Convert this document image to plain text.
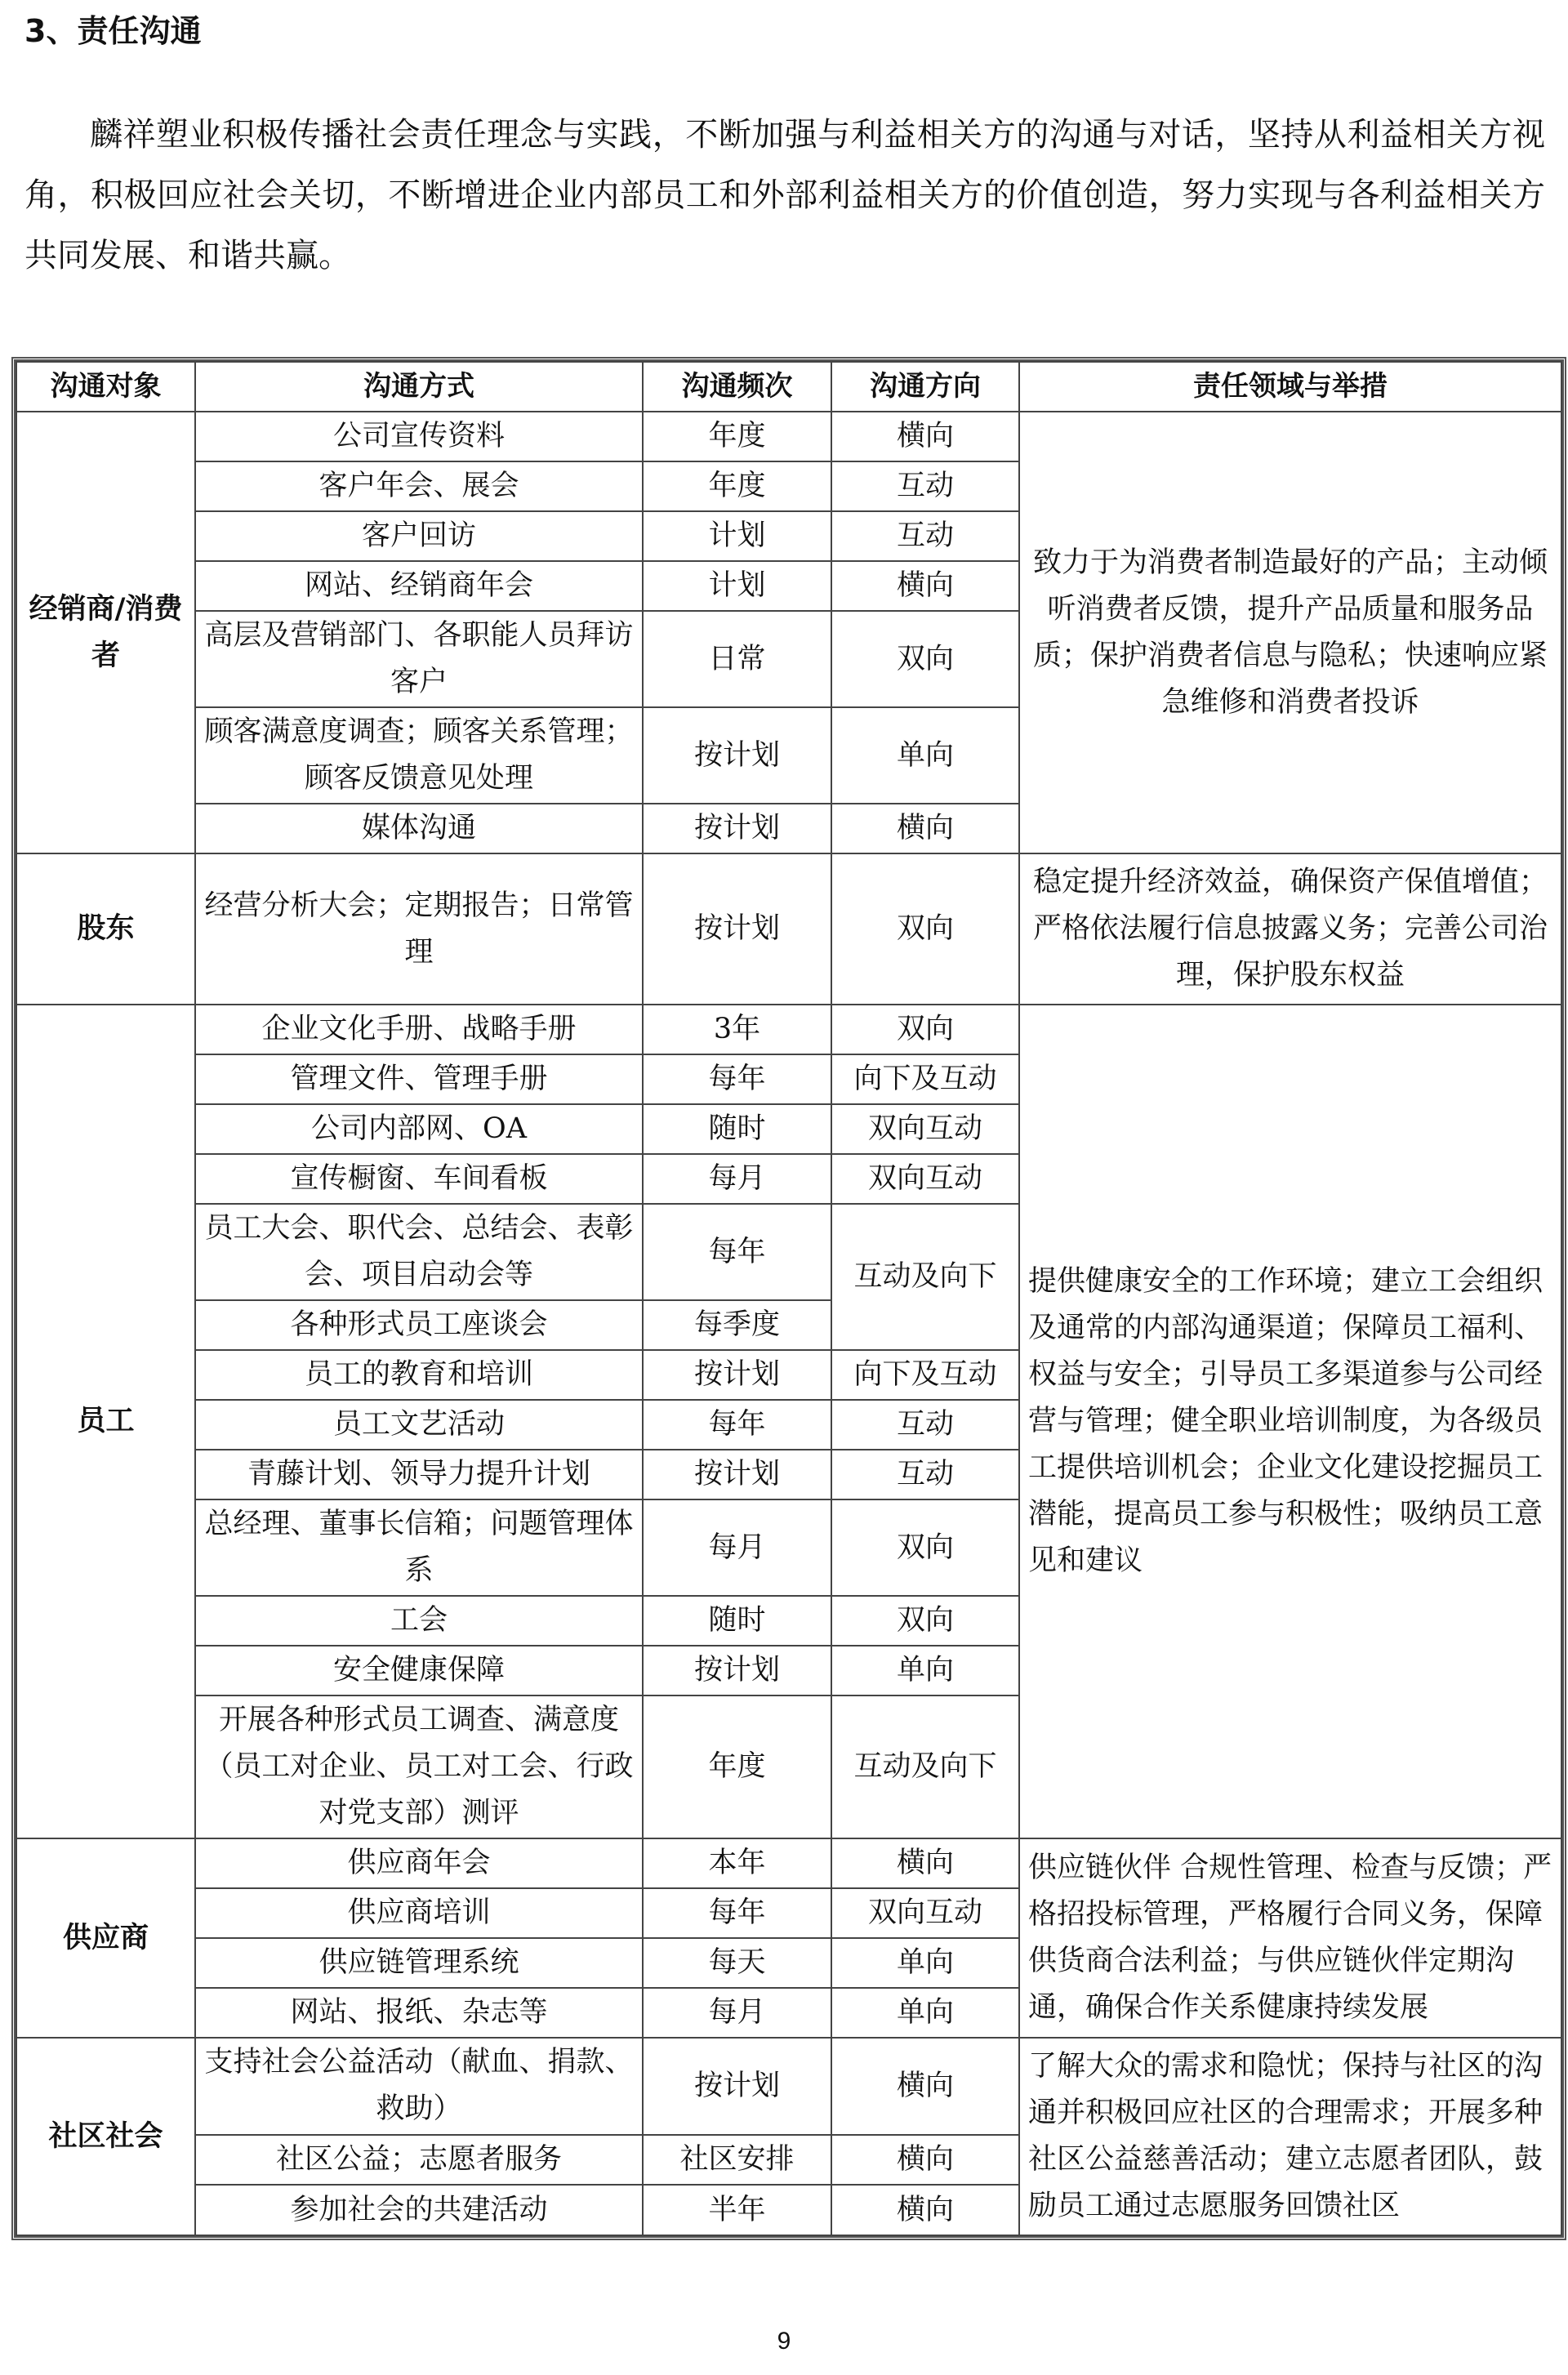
3、责任沟通

麟祥塑业积极传播社会责任理念与实践，不断加强与利益相关方的沟通与对话，坚持从利益相关方视角，积极回应社会关切，不断增进企业内部员工和外部利益相关方的价值创造，努力实现与各利益相关方共同发展、和谐共赢。

沟通对象	沟通方式	沟通频次	沟通方向	责任领域与举措
经销商/消费者	公司宣传资料	年度	横向	致力于为消费者制造最好的产品；主动倾听消费者反馈，提升产品质量和服务品质；保护消费者信息与隐私；快速响应紧急维修和消费者投诉
	客户年会、展会	年度	互动	
	客户回访	计划	互动	
	网站、经销商年会	计划	横向	
	高层及营销部门、各职能人员拜访客户	日常	双向	
	顾客满意度调查；顾客关系管理；顾客反馈意见处理	按计划	单向	
	媒体沟通	按计划	横向	
股东	经营分析大会；定期报告；日常管理	按计划	双向	稳定提升经济效益，确保资产保值增值；严格依法履行信息披露义务；完善公司治理，保护股东权益
员工	企业文化手册、战略手册	3年	双向	提供健康安全的工作环境；建立工会组织及通常的内部沟通渠道；保障员工福利、权益与安全；引导员工多渠道参与公司经营与管理；健全职业培训制度，为各级员工提供培训机会；企业文化建设挖掘员工潜能，提高员工参与积极性；吸纳员工意见和建议
	管理文件、管理手册	每年	向下及互动	
	公司内部网、OA	随时	双向互动	
	宣传橱窗、车间看板	每月	双向互动	
	员工大会、职代会、总结会、表彰会、项目启动会等	每年	互动及向下	
	各种形式员工座谈会	每季度		
	员工的教育和培训	按计划	向下及互动	
	员工文艺活动	每年	互动	
	青藤计划、领导力提升计划	按计划	互动	
	总经理、董事长信箱；问题管理体系	每月	双向	
	工会	随时	双向	
	安全健康保障	按计划	单向	
	开展各种形式员工调查、满意度（员工对企业、员工对工会、行政对党支部）测评	年度	互动及向下	
供应商	供应商年会	本年	横向	供应链伙伴 合规性管理、检查与反馈；严格招投标管理，严格履行合同义务，保障供货商合法利益；与供应链伙伴定期沟通，确保合作关系健康持续发展
	供应商培训	每年	双向互动	
	供应链管理系统	每天	单向	
	网站、报纸、杂志等	每月	单向	
社区社会	支持社会公益活动（献血、捐款、救助）	按计划	横向	了解大众的需求和隐忧；保持与社区的沟通并积极回应社区的合理需求；开展多种社区公益慈善活动；建立志愿者团队，鼓励员工通过志愿服务回馈社区
	社区公益；志愿者服务	社区安排	横向	
	参加社会的共建活动	半年	横向	
9
